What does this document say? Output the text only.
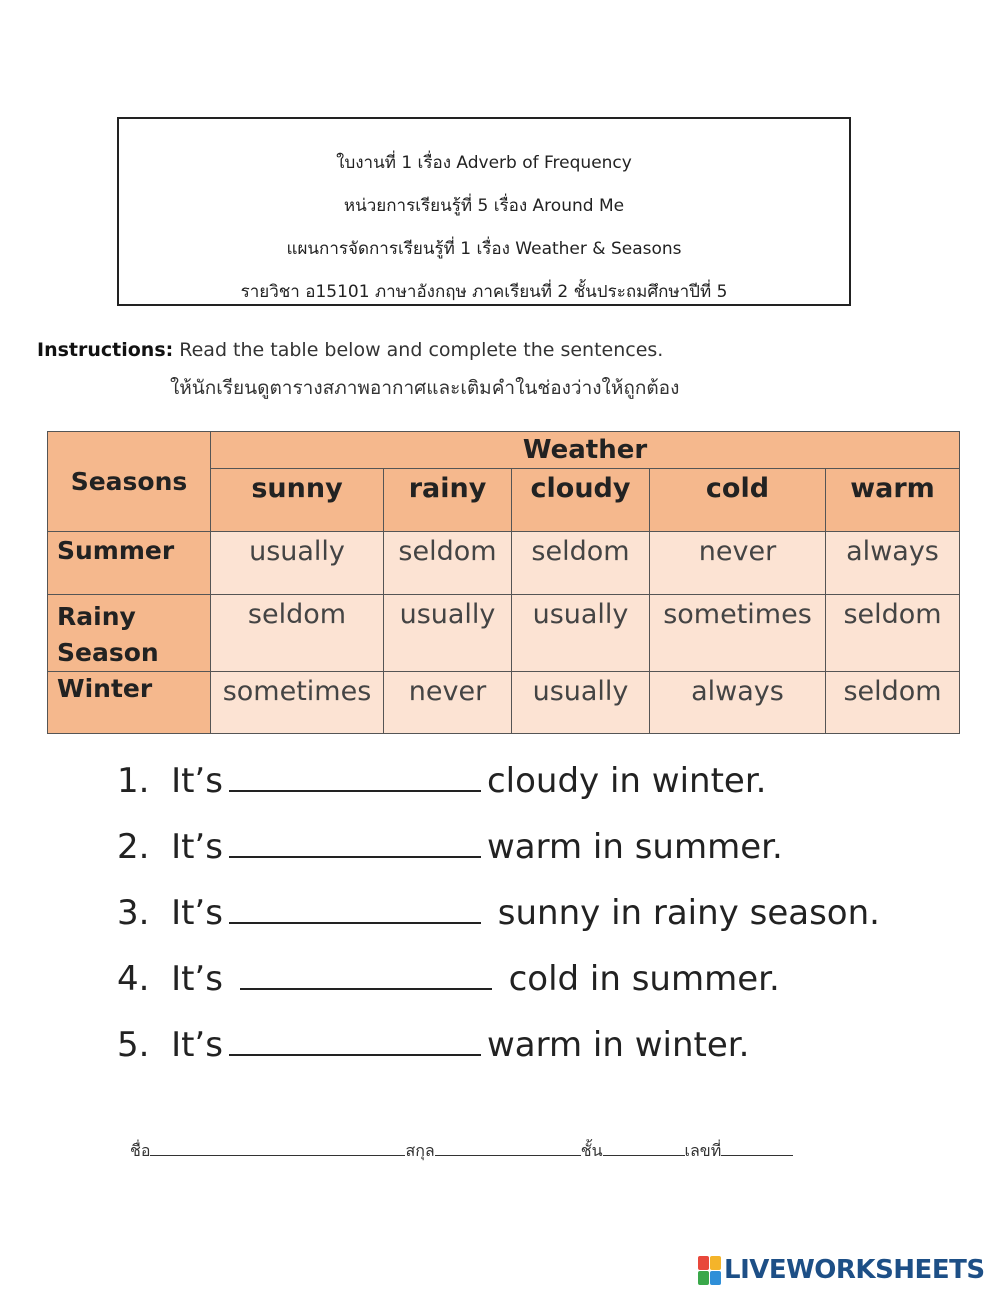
ใบงานที่ 1 เรื่อง Adverb of Frequency
หน่วยการเรียนรู้ที่ 5 เรื่อง Around Me
แผนการจัดการเรียนรู้ที่ 1 เรื่อง Weather & Seasons
รายวิชา อ15101 ภาษาอังกฤษ ภาคเรียนที่ 2 ชั้นประถมศึกษาปีที่ 5
Instructions: Read the table below and complete the sentences.
ให้นักเรียนดูตารางสภาพอากาศและเติมคำในช่องว่างให้ถูกต้อง
Seasons	Weather				
	sunny	rainy	cloudy	cold	warm
Summer	usually	seldom	seldom	never	always
Rainy Season	seldom	usually	usually	sometimes	seldom
Winter	sometimes	never	usually	always	seldom
1. It’s	cloudy in winter.
2. It’s	warm in summer.
3. It’s	sunny in rainy season.
4. It’s	cold in summer.
5. It’s	warm in winter.
ชื่อ	สกุล	ชั้น	เลขที่
LIVEWORKSHEETS
